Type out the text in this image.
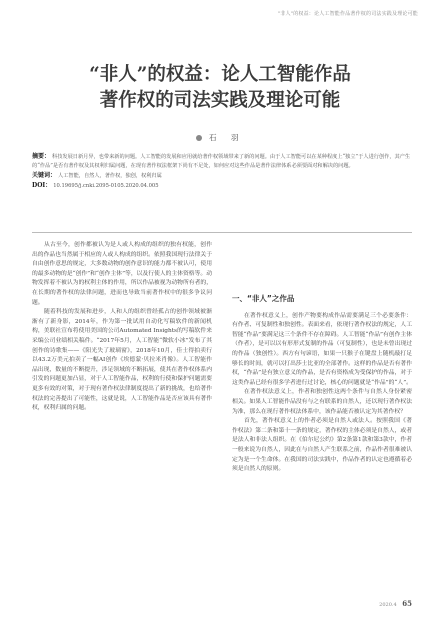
"非人"的权益：论人工智能作品著作权的司法实践及理论可能
“非人”的权益：论人工智能作品
著作权的司法实践及理论可能
石 羽

摘要： 科技发展日新月异，也带来新的问题。人工智能的发展和应用就给著作权领域带来了新的问题。由于人工智能可以在某种程度上“独立”于人进行创作，其产生的“作品”是否有著作权及其权利归属问题，在现有著作权法框架下尚有不足处，如何应对这些作品是著作法律体系必须要面对和解决的问题。

关键词： 人工智能，自然人，著作权，独创，权利归属

DOI： 10.19695/j.cnki.2095-0105.2020.04.005

从古至今，创作都被认为是人或人构成的组织的独有权能，创作出的作品也当然属于相应的人或人构成的组织。依照我国现行法律关于自由创作意思的规定，大多数动物的创作意识的能力都不被认可，使用的最多动物的是“创作”和“创作主体”等，以及行使人的主体资格等。动物发挥着不被认为的权利主体的作用，所以作品被视为动物所有者的，在长期的著作权的法律问题，进而也导致当前著作权中的很多争议问题。

随着科技的发展和进步，人和人的组织曾经孤占的创作领域被渐渐有了新身影，2014年，作为第一批试用自动化写稿软件的新闻机构，美联社宣布将使用美国的公司Automated Insights的写稿软件来采编公司业绩相关稿件。“2017年5月，人工智能“微软小冰”发布了其创作的诗歌集——《阳光失了玻璃窗》，2018年10月，佳士得拍卖行以43.2万美元拍卖了一幅AI创作《埃德蒙·贝拉米肖像》。人工智能作品出现，数量的不断提升，涉足领域的不断拓展，使其在著作权体系内引发的问题更加凸显，对于人工智能作品，权利的行使和保护问题需要更多有效的对策，对于现有著作权法律制度提出了新的挑战，也给著作权法的完善提出了可能性，这就是说，人工智能作品是否应该具有著作权，权利归属的问题。

一、“非人”之作品

在著作权意义上，创作产物要构成作品需要满足三个必要条件：有作者、可复制性和独创性。表面来看，依现行著作权法的规定，人工智能“作品”要满足这三个条件不存在障碍。人工智能“作品”有创作主体（作者），是可以以有形形式复制的作品（可复制性），也是未曾出现过的作品（独创性）。西方有句谚语，如果一只猴子在键盘上随机敲打足够长的时间，就可以打出莎士比亚的全部著作。这样的作品是否有著作权，“作品”是有独立意义的作品，是否有资格成为受保护的作品，对于这类作品已经有很多学者进行过讨论，核心的问题就是“作品”的“人”。

在著作权法意义上，作者和独创性这两个条件与自然人身份紧密相关。如果人工智能作品没有与之有联系的自然人，还以现行著作权法为准，那么在现行著作权法体系中，该作品能否被认定为其著作权？

首先，著作权意义上的作者必须是自然人或法人。按照我国《著作权法》第二条和第十一条的规定，著作权的主体必须是自然人，或者是法人和非法人组织。在《伯尔尼公约》第2条第1款和第3款中，作者一般来说为自然人，因此在与自然人产生联系之前，作品作者很难被认定为是一个生命体。在我国的司法实践中，作品作者的认定也遵循着必须是自然人的原则。

2020.4 65
